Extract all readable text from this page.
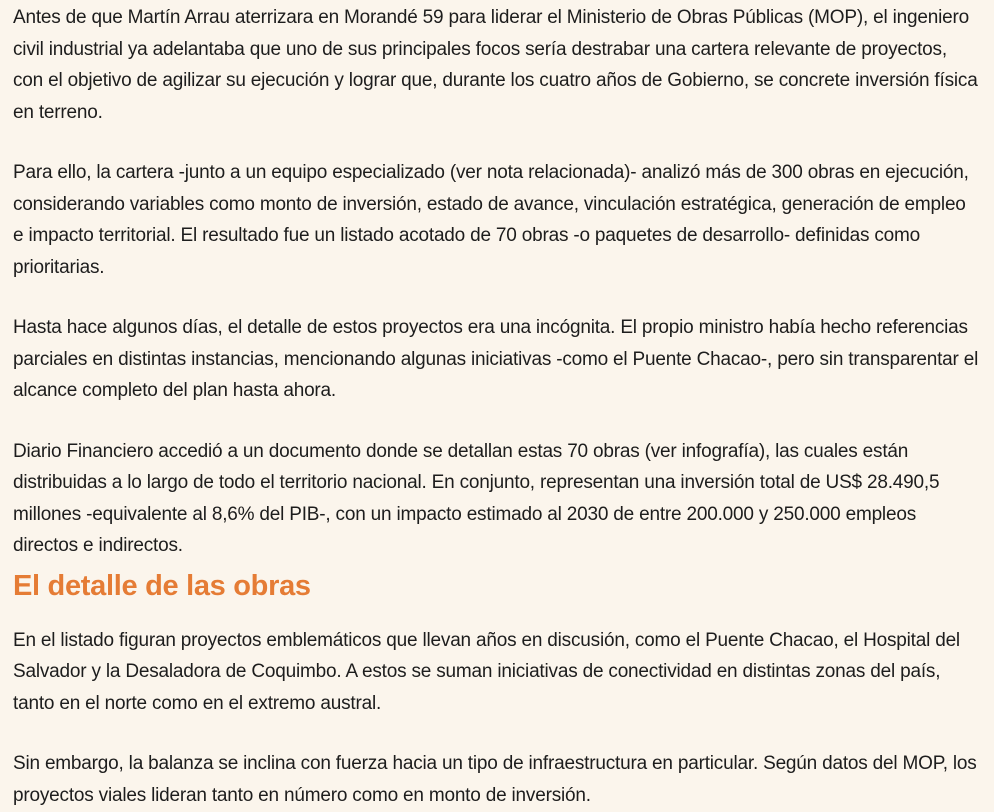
Antes de que Martín Arrau aterrizara en Morandé 59 para liderar el Ministerio de Obras Públicas (MOP), el ingeniero civil industrial ya adelantaba que uno de sus principales focos sería destrabar una cartera relevante de proyectos, con el objetivo de agilizar su ejecución y lograr que, durante los cuatro años de Gobierno, se concrete inversión física en terreno.

Para ello, la cartera -junto a un equipo especializado (ver nota relacionada)- analizó más de 300 obras en ejecución, considerando variables como monto de inversión, estado de avance, vinculación estratégica, generación de empleo e impacto territorial. El resultado fue un listado acotado de 70 obras -o paquetes de desarrollo- definidas como prioritarias.

Hasta hace algunos días, el detalle de estos proyectos era una incógnita. El propio ministro había hecho referencias parciales en distintas instancias, mencionando algunas iniciativas -como el Puente Chacao-, pero sin transparentar el alcance completo del plan hasta ahora.

Diario Financiero accedió a un documento donde se detallan estas 70 obras (ver infografía), las cuales están distribuidas a lo largo de todo el territorio nacional. En conjunto, representan una inversión total de US$ 28.490,5 millones -equivalente al 8,6% del PIB-, con un impacto estimado al 2030 de entre 200.000 y 250.000 empleos directos e indirectos.

El detalle de las obras

En el listado figuran proyectos emblemáticos que llevan años en discusión, como el Puente Chacao, el Hospital del Salvador y la Desaladora de Coquimbo. A estos se suman iniciativas de conectividad en distintas zonas del país, tanto en el norte como en el extremo austral.

Sin embargo, la balanza se inclina con fuerza hacia un tipo de infraestructura en particular. Según datos del MOP, los proyectos viales lideran tanto en número como en monto de inversión.
